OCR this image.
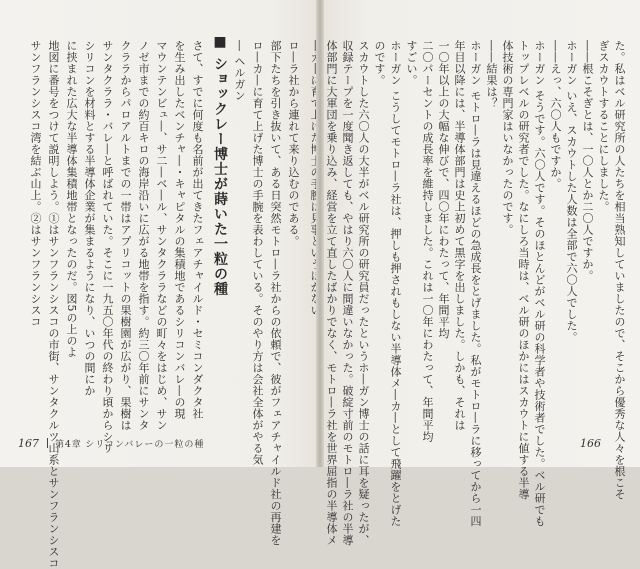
ロ―ラ社から連れて来り込むのである。
部下たちを引き抜いて、ある日突然モトロ―ラ社からの依頼で、彼がフェアチャイルド社の再建を
ロ―カ―に育て上げた博士の手腕を表わしている。そのやり方は会社全体がやる気
― ヘルガン
■ ショックレー博士が蒔いた一粒の種
さて、すでに何度も名前が出てきたフェアチャイルド・セミコンダクタ社
を生み出したベンチャ―・キャピタルの集積地であるシリコンバレ―の現
マウンテンビュ―、サ二―ベ―ル、サンタクララなどの町々をはじめ、サン
ノゼ市までの約百キロの海岸沿いに広がる地帯を指す。約三〇年前にサンタ
クララからパロアルトまでの一帯はアプリコットの果樹園が広がり、果樹は
サンタクララ・バレ―と呼ばれていた。そこに一九五〇年代の終わり頃からシリ
シリコンを材料とする半導体企業が集まるようになり、いつの間にか
に挟まれた広大な半導体集積地帯となったのだ。図5の上のよ
地図に番号をつけて説明しよう。①はサンフランシスコの市街、サンタクルツ山系とサンフランシスコ
サンフランシスコ湾を結ぶ山上。②はサンフランシスコ
167 第4章 シリコンバレーの一粒の種	た。私はベル研究所の人たちを相当熟知していましたので、そこから優秀な人々を根こそ
ぎスカウトすることにしました。
――根こそぎとは、一〇人とか二〇人ですか。
ホーガン いえ、スカウトした人数は全部で六〇人でした。
――えっ、六〇人もですか。
ホーガン そうです。六〇人です。そのほとんどがベル研の科学者や技術者でした。ベル研でも
トップレベルの研究者でした。なにしろ当時は、ベル研のほかにはスカウトに値する半導
体技術の専門家はいなかったのです。
――結果は？
ホーガン モトロ―ラは見違えるほどの急成長をとげました。私がモトロ―ラに移ってから一四
年目以降には、半導体部門は史上初めて黒字を出しました。しかも、それは
一〇年以上の大幅な伸びで、四〇年にわたって、年間平均
二〇パーセントの成長率を維持しました。これは一〇年にわたって、年間平均
すごい。
ホーガン こうしてモトロ―ラ社は、押しも押されもしない半導体メ―カ―として飛躍をとげた
のです。
スカウトした六〇人の大半がベル研究所の研究員だったというホ―ガン博士の話に耳を疑ったが、
収録テープを一度聞き返しても、やはり六〇人に間違いなかった。破綻寸前のモトロ―ラ社の半導
体部門に大軍団を乗り込み、経営を立て直したばかりでなく、モトロ―ラ社を世界屈指の半導体メ	166
